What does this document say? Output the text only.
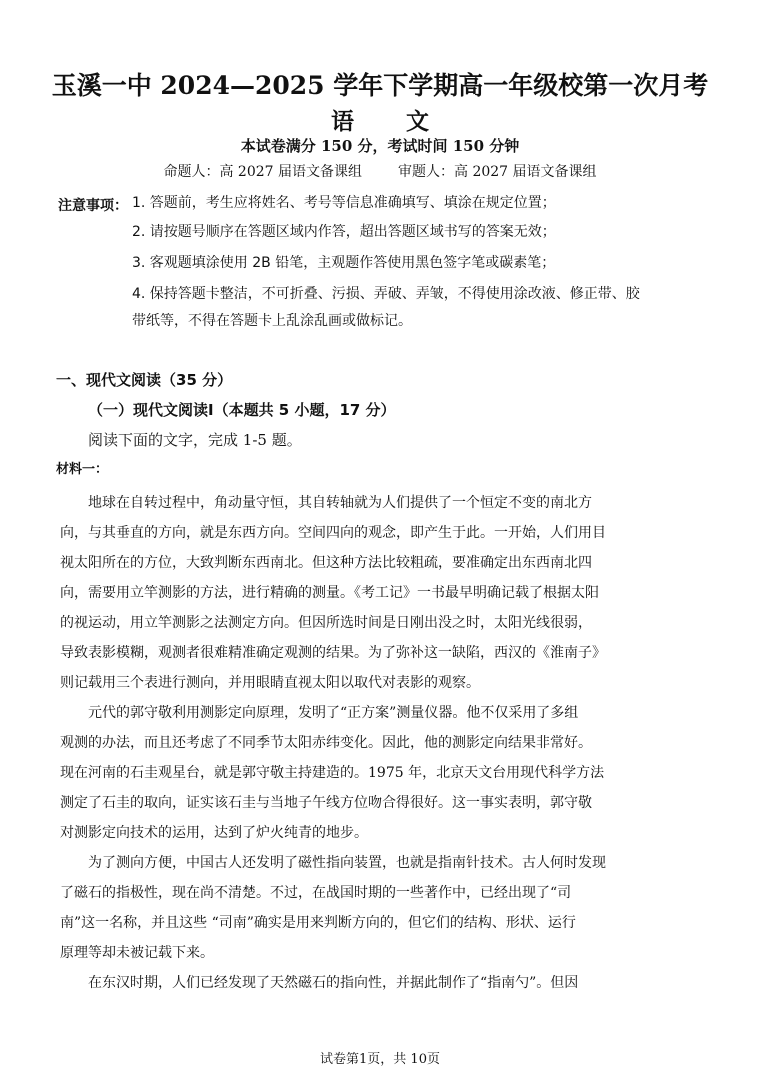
玉溪一中 2024—2025 学年下学期高一年级校第一次月考
语 文
本试卷满分 150 分，考试时间 150 分钟
命题人：高 2027 届语文备课组	审题人：高 2027 届语文备课组
注意事项： 1. 答题前，考生应将姓名、考号等信息准确填写、填涂在规定位置；
2. 请按题号顺序在答题区域内作答，超出答题区域书写的答案无效；
3. 客观题填涂使用 2B 铅笔，主观题作答使用黑色签字笔或碳素笔；
4. 保持答题卡整洁，不可折叠、污损、弄破、弄皱，不得使用涂改液、修正带、胶
带纸等，不得在答题卡上乱涂乱画或做标记。
一、现代文阅读（35 分）
（一）现代文阅读Ⅰ（本题共 5 小题，17 分）
阅读下面的文字，完成 1-5 题。
材料一：
　　地球在自转过程中，角动量守恒，其自转轴就为人们提供了一个恒定不变的南北方
向，与其垂直的方向，就是东西方向。空间四向的观念，即产生于此。一开始，人们用目
视太阳所在的方位，大致判断东西南北。但这种方法比较粗疏，要准确定出东西南北四
向，需要用立竿测影的方法，进行精确的测量。《考工记》一书最早明确记载了根据太阳
的视运动，用立竿测影之法测定方向。但因所选时间是日刚出没之时，太阳光线很弱，
导致表影模糊，观测者很难精准确定观测的结果。为了弥补这一缺陷，西汉的《淮南子》
则记载用三个表进行测向，并用眼睛直视太阳以取代对表影的观察。
　　元代的郭守敬利用测影定向原理，发明了“正方案”测量仪器。他不仅采用了多组
观测的办法，而且还考虑了不同季节太阳赤纬变化。因此，他的测影定向结果非常好。
现在河南的石圭观星台，就是郭守敬主持建造的。1975 年，北京天文台用现代科学方法
测定了石圭的取向，证实该石圭与当地子午线方位吻合得很好。这一事实表明，郭守敬
对测影定向技术的运用，达到了炉火纯青的地步。
　　为了测向方便，中国古人还发明了磁性指向装置，也就是指南针技术。古人何时发现
了磁石的指极性，现在尚不清楚。不过，在战国时期的一些著作中，已经出现了“司
南”这一名称，并且这些 “司南”确实是用来判断方向的，但它们的结构、形状、运行
原理等却未被记载下来。
　　在东汉时期，人们已经发现了天然磁石的指向性，并据此制作了“指南勺”。但因
试卷第1页，共 10页
